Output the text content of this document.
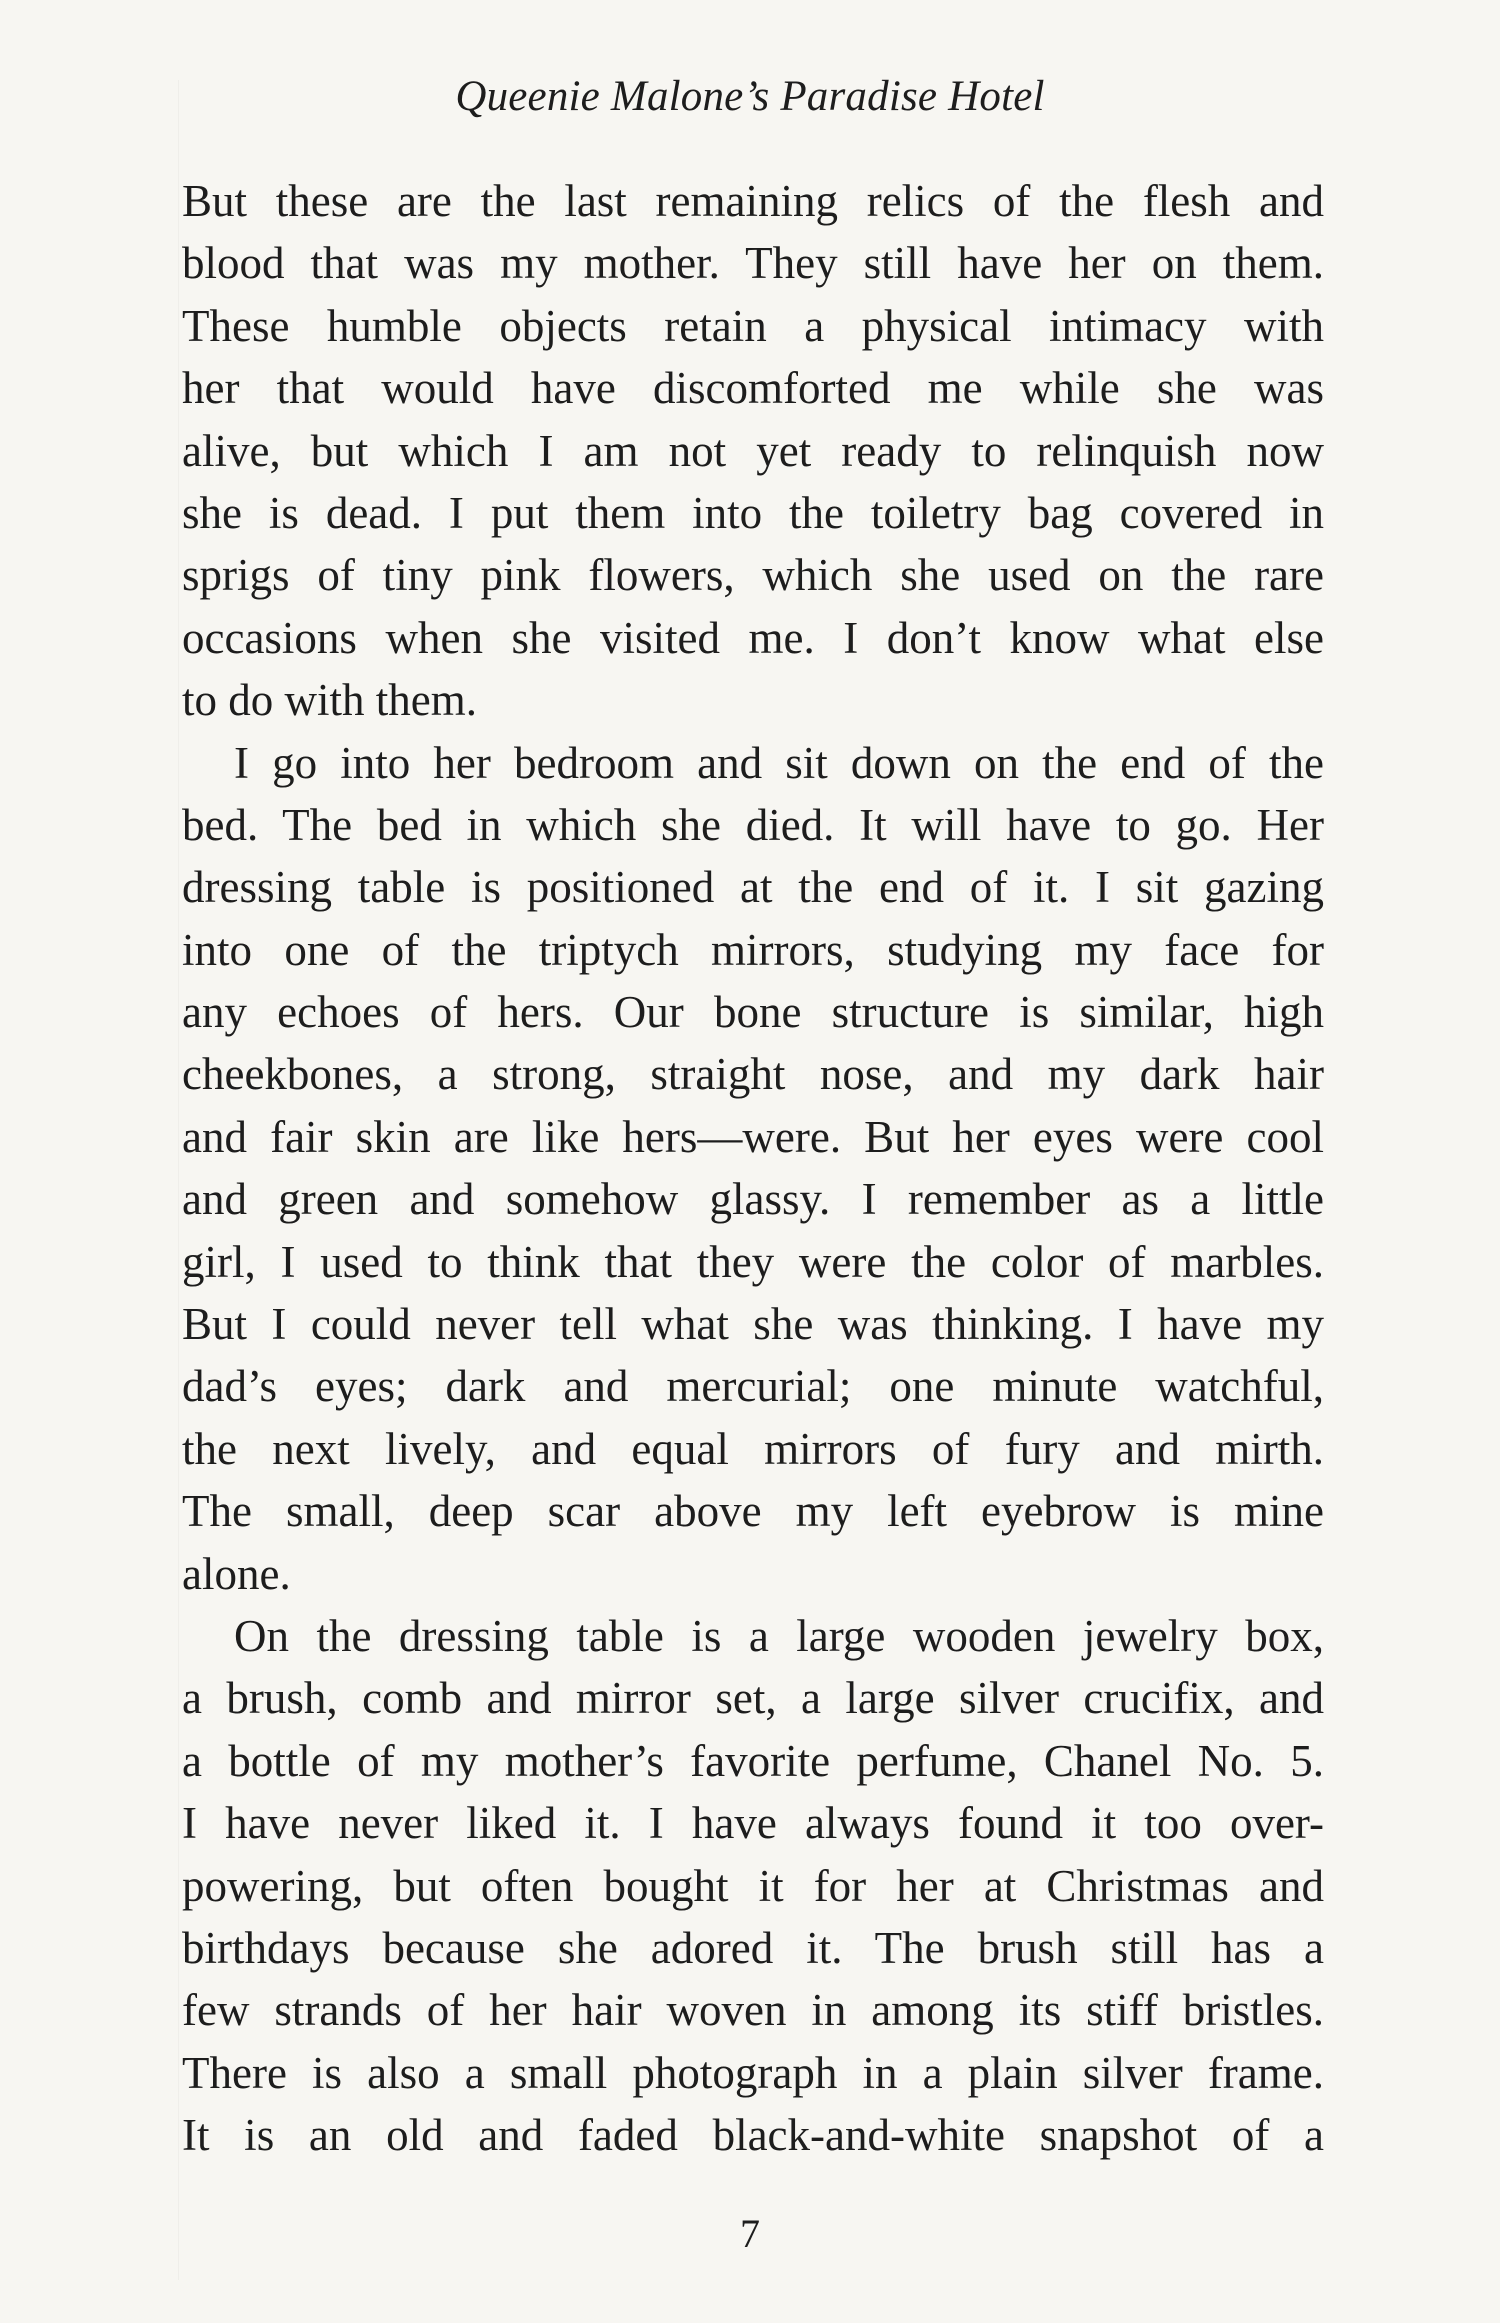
Queenie Malone’s Paradise Hotel
But these are the last remaining relics of the flesh and
blood that was my mother. They still have her on them.
These humble objects retain a physical intimacy with
her that would have discomforted me while she was
alive, but which I am not yet ready to relinquish now
she is dead. I put them into the toiletry bag covered in
sprigs of tiny pink flowers, which she used on the rare
occasions when she visited me. I don’t know what else
to do with them.
I go into her bedroom and sit down on the end of the
bed. The bed in which she died. It will have to go. Her
dressing table is positioned at the end of it. I sit gazing
into one of the triptych mirrors, studying my face for
any echoes of hers. Our bone structure is similar, high
cheekbones, a strong, straight nose, and my dark hair
and fair skin are like hers—were. But her eyes were cool
and green and somehow glassy. I remember as a little
girl, I used to think that they were the color of marbles.
But I could never tell what she was thinking. I have my
dad’s eyes; dark and mercurial; one minute watchful,
the next lively, and equal mirrors of fury and mirth.
The small, deep scar above my left eyebrow is mine
alone.
On the dressing table is a large wooden jewelry box,
a brush, comb and mirror set, a large silver crucifix, and
a bottle of my mother’s favorite perfume, Chanel No. 5.
I have never liked it. I have always found it too over-
powering, but often bought it for her at Christmas and
birthdays because she adored it. The brush still has a
few strands of her hair woven in among its stiff bristles.
There is also a small photograph in a plain silver frame.
It is an old and faded black-and-white snapshot of a
7
